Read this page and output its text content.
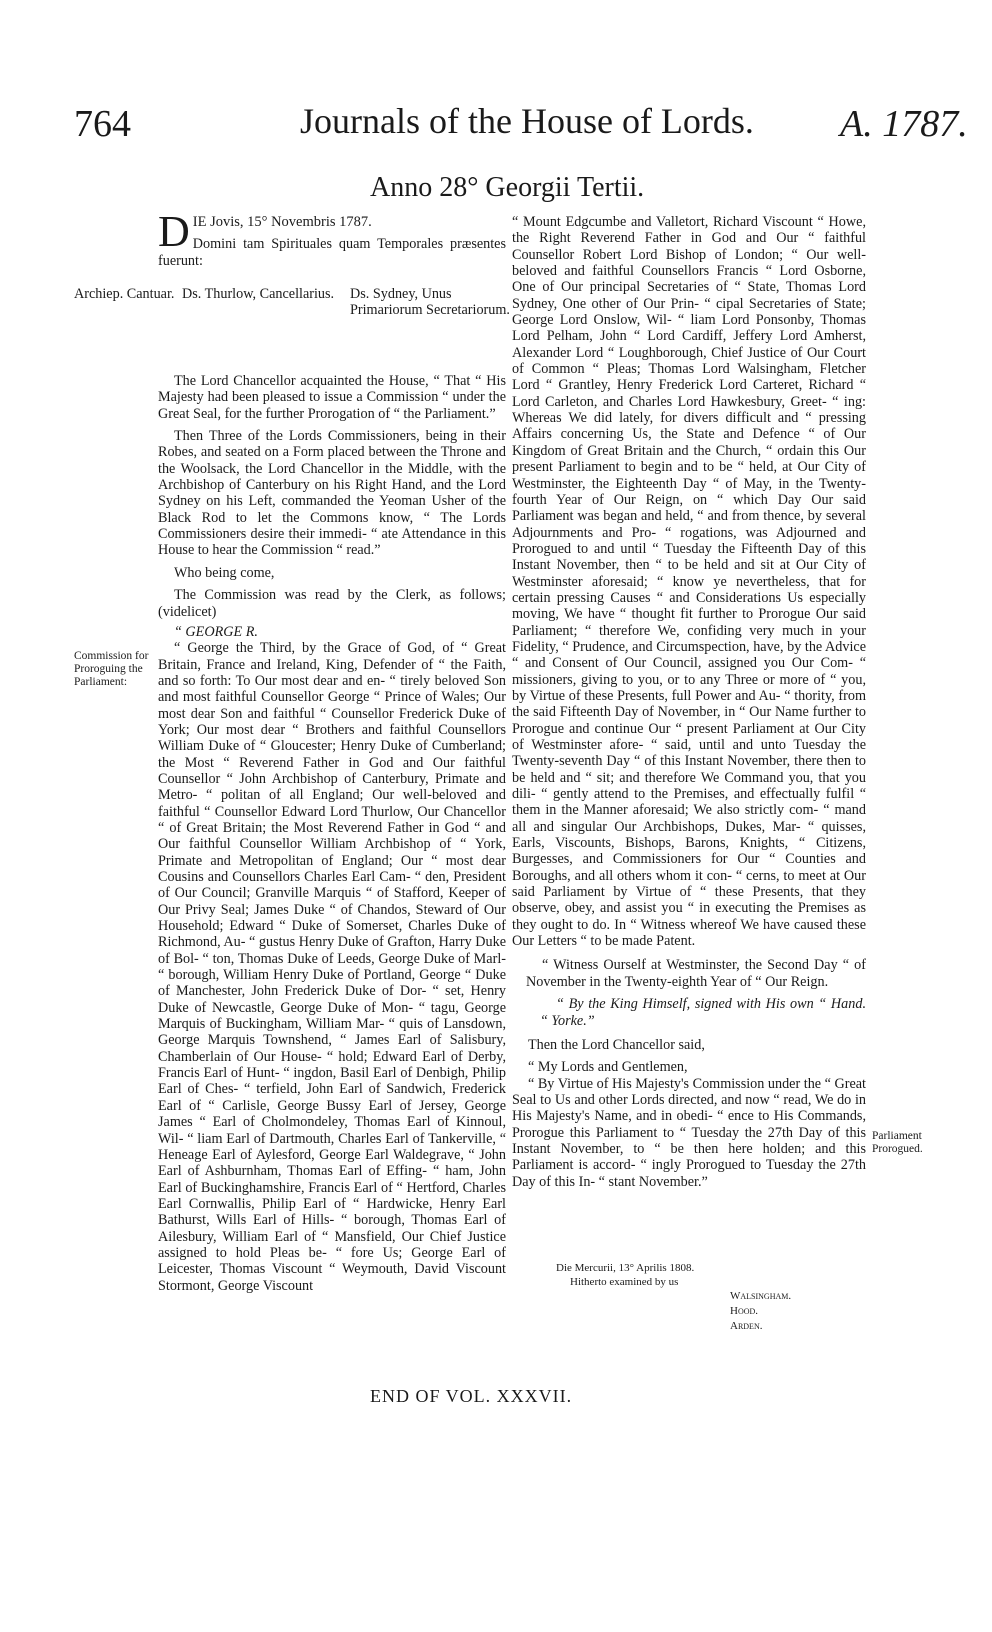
764	Journals of the House of Lords. A. 1787.
Anno 28° Georgii Tertii.

DIE Jovis, 15° Novembris 1787.

Domini tam Spirituales quam Temporales præsentes fuerunt:

The Lord Chancellor acquainted the House, “ That “ His Majesty had been pleased to issue a Commission “ under the Great Seal, for the further Prorogation of “ the Parliament.”

Then Three of the Lords Commissioners, being in their Robes, and seated on a Form placed between the Throne and the Woolsack, the Lord Chancellor in the Middle, with the Archbishop of Canterbury on his Right Hand, and the Lord Sydney on his Left, commanded the Yeoman Usher of the Black Rod to let the Commons know, “ The Lords Commissioners desire their immedi- “ ate Attendance in this House to hear the Commission “ read.”

Who being come,

The Commission was read by the Clerk, as follows; (videlicet)

“ GEORGE R.

“ George the Third, by the Grace of God, of “ Great Britain, France and Ireland, King, Defender of “ the Faith, and so forth: To Our most dear and en- “ tirely beloved Son and most faithful Counsellor George “ Prince of Wales; Our most dear Son and faithful “ Counsellor Frederick Duke of York; Our most dear “ Brothers and faithful Counsellors William Duke of “ Gloucester; Henry Duke of Cumberland; the Most “ Reverend Father in God and Our faithful Counsellor “ John Archbishop of Canterbury, Primate and Metro- “ politan of all England; Our well-beloved and faithful “ Counsellor Edward Lord Thurlow, Our Chancellor “ of Great Britain; the Most Reverend Father in God “ and Our faithful Counsellor William Archbishop of “ York, Primate and Metropolitan of England; Our “ most dear Cousins and Counsellors Charles Earl Cam- “ den, President of Our Council; Granville Marquis “ of Stafford, Keeper of Our Privy Seal; James Duke “ of Chandos, Steward of Our Household; Edward “ Duke of Somerset, Charles Duke of Richmond, Au- “ gustus Henry Duke of Grafton, Harry Duke of Bol- “ ton, Thomas Duke of Leeds, George Duke of Marl- “ borough, William Henry Duke of Portland, George “ Duke of Manchester, John Frederick Duke of Dor- “ set, Henry Duke of Newcastle, George Duke of Mon- “ tagu, George Marquis of Buckingham, William Mar- “ quis of Lansdown, George Marquis Townshend, “ James Earl of Salisbury, Chamberlain of Our House- “ hold; Edward Earl of Derby, Francis Earl of Hunt- “ ingdon, Basil Earl of Denbigh, Philip Earl of Ches- “ terfield, John Earl of Sandwich, Frederick Earl of “ Carlisle, George Bussy Earl of Jersey, George James “ Earl of Cholmondeley, Thomas Earl of Kinnoul, Wil- “ liam Earl of Dartmouth, Charles Earl of Tankerville, “ Heneage Earl of Aylesford, George Earl Waldegrave, “ John Earl of Ashburnham, Thomas Earl of Effing- “ ham, John Earl of Buckinghamshire, Francis Earl of “ Hertford, Charles Earl Cornwallis, Philip Earl of “ Hardwicke, Henry Earl Bathurst, Wills Earl of Hills- “ borough, Thomas Earl of Ailesbury, William Earl of “ Mansfield, Our Chief Justice assigned to hold Pleas be- “ fore Us; George Earl of Leicester, Thomas Viscount “ Weymouth, David Viscount Stormont, George Viscount

Archiep. Cantuar. Ds. Thurlow, Cancellarius.	Ds. Sydney, Unus Primariorum Secretariorum.
Commission for Proroguing the Parliament:

“ Mount Edgcumbe and Valletort, Richard Viscount “ Howe, the Right Reverend Father in God and Our “ faithful Counsellor Robert Lord Bishop of London; “ Our well-beloved and faithful Counsellors Francis “ Lord Osborne, One of Our principal Secretaries of “ State, Thomas Lord Sydney, One other of Our Prin- “ cipal Secretaries of State; George Lord Onslow, Wil- “ liam Lord Ponsonby, Thomas Lord Pelham, John “ Lord Cardiff, Jeffery Lord Amherst, Alexander Lord “ Loughborough, Chief Justice of Our Court of Common “ Pleas; Thomas Lord Walsingham, Fletcher Lord “ Grantley, Henry Frederick Lord Carteret, Richard “ Lord Carleton, and Charles Lord Hawkesbury, Greet- “ ing: Whereas We did lately, for divers difficult and “ pressing Affairs concerning Us, the State and Defence “ of Our Kingdom of Great Britain and the Church, “ ordain this Our present Parliament to begin and to be “ held, at Our City of Westminster, the Eighteenth Day “ of May, in the Twenty-fourth Year of Our Reign, on “ which Day Our said Parliament was began and held, “ and from thence, by several Adjournments and Pro- “ rogations, was Adjourned and Prorogued to and until “ Tuesday the Fifteenth Day of this Instant November, then “ to be held and sit at Our City of Westminster aforesaid; “ know ye nevertheless, that for certain pressing Causes “ and Considerations Us especially moving, We have “ thought fit further to Prorogue Our said Parliament; “ therefore We, confiding very much in your Fidelity, “ Prudence, and Circumspection, have, by the Advice “ and Consent of Our Council, assigned you Our Com- “ missioners, giving to you, or to any Three or more of “ you, by Virtue of these Presents, full Power and Au- “ thority, from the said Fifteenth Day of November, in “ Our Name further to Prorogue and continue Our “ present Parliament at Our City of Westminster afore- “ said, until and unto Tuesday the Twenty-seventh Day “ of this Instant November, there then to be held and “ sit; and therefore We Command you, that you dili- “ gently attend to the Premises, and effectually fulfil “ them in the Manner aforesaid; We also strictly com- “ mand all and singular Our Archbishops, Dukes, Mar- “ quisses, Earls, Viscounts, Bishops, Barons, Knights, “ Citizens, Burgesses, and Commissioners for Our “ Counties and Boroughs, and all others whom it con- “ cerns, to meet at Our said Parliament by Virtue of “ these Presents, that they observe, obey, and assist you “ in executing the Premises as they ought to do. In “ Witness whereof We have caused these Our Letters “ to be made Patent.

“ Witness Ourself at Westminster, the Second Day “ of November in the Twenty-eighth Year of “ Our Reign.

“ By the King Himself, signed with His own “ Hand. “ Yorke.”

Then the Lord Chancellor said,

“ My Lords and Gentlemen,

“ By Virtue of His Majesty's Commission under the “ Great Seal to Us and other Lords directed, and now “ read, We do in His Majesty's Name, and in obedi- “ ence to His Commands, Prorogue this Parliament to “ Tuesday the 27th Day of this Instant November, to “ be then here holden; and this Parliament is accord- “ ingly Prorogued to Tuesday the 27th Day of this In- “ stant November.”

Parliament Prorogued.
Die Mercurii, 13° Aprilis 1808.
Hitherto examined by us
Walsingham.
Hood.
Arden.
END OF VOL. XXXVII.
